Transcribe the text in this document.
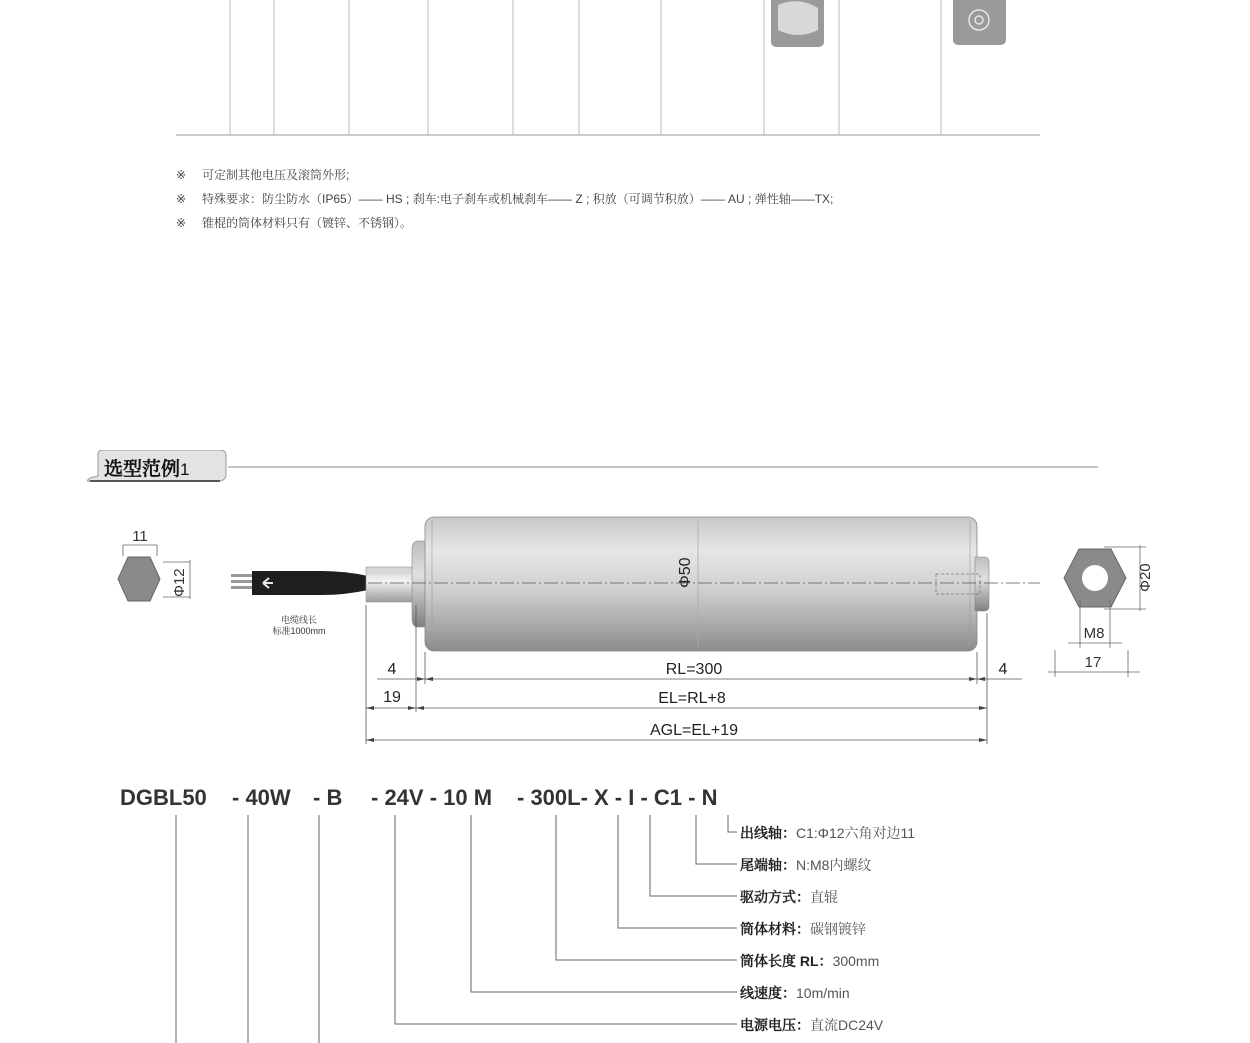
※ 可定制其他电压及滚筒外形;
※ 特殊要求：防尘防水（IP65）—— HS ; 刹车:电子刹车或机械刹车—— Z ; 积放（可调节积放）—— AU ; 弹性轴——TX;
※ 锥棍的筒体材料只有（镀锌、不锈钢）。
选型范例1
11
Φ12
电缆线长
标准1000mm
Φ50	Φ20
M8
17
4	RL=300	4
19	EL=RL+8
AGL=EL+19
DGBL50 - 40W - B - 24V - 10 M - 300L- X - I - C1 - N
出线轴：C1:Φ12六角对边11
尾端轴：N:M8内螺纹
驱动方式：直辊
筒体材料：碳钢镀锌
筒体长度 RL：300mm
线速度：10m/min
电源电压：直流DC24V
